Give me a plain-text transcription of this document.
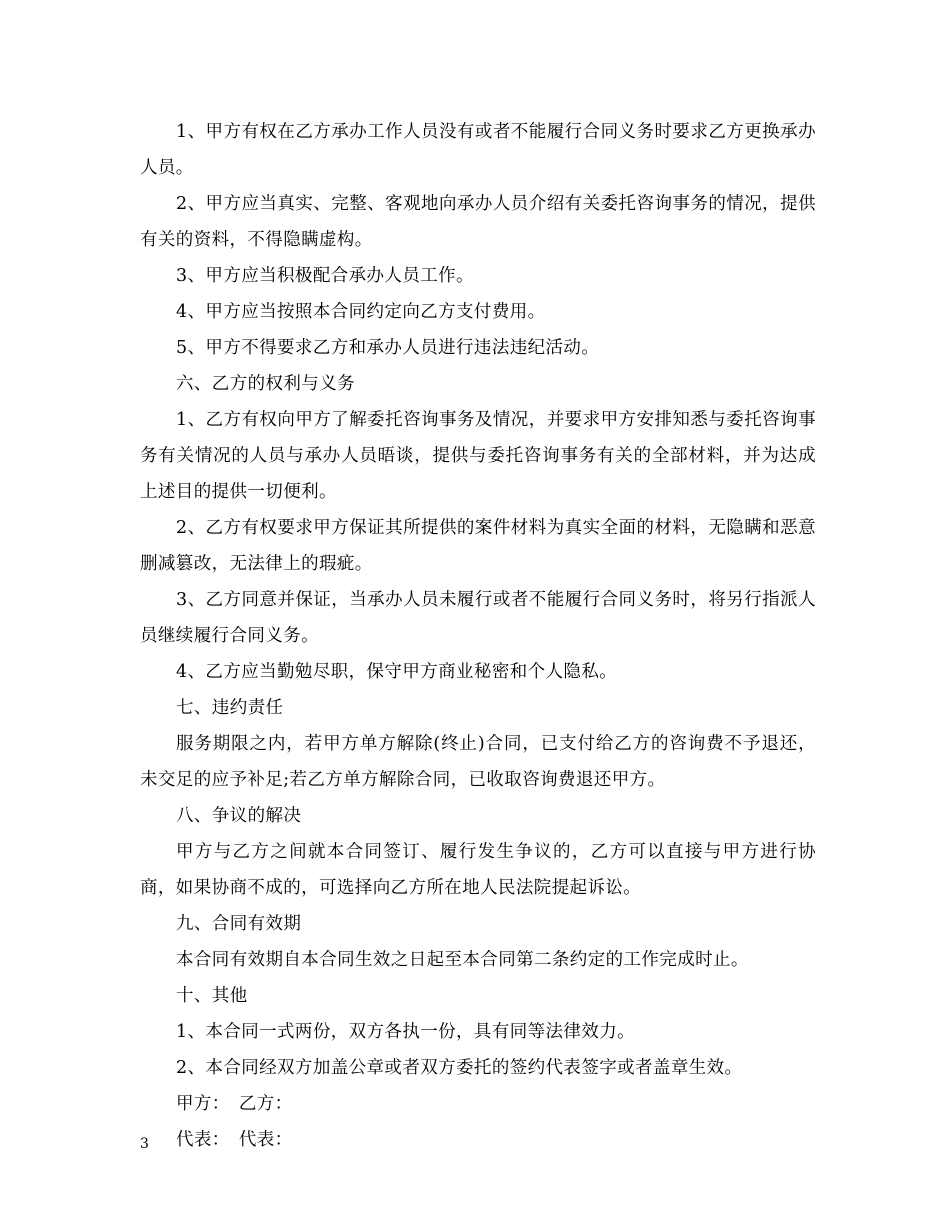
1、甲方有权在乙方承办工作人员没有或者不能履行合同义务时要求乙方更换承办人员。

2、甲方应当真实、完整、客观地向承办人员介绍有关委托咨询事务的情况，提供有关的资料，不得隐瞒虚构。

3、甲方应当积极配合承办人员工作。

4、甲方应当按照本合同约定向乙方支付费用。

5、甲方不得要求乙方和承办人员进行违法违纪活动。

六、乙方的权利与义务

1、乙方有权向甲方了解委托咨询事务及情况，并要求甲方安排知悉与委托咨询事务有关情况的人员与承办人员晤谈，提供与委托咨询事务有关的全部材料，并为达成上述目的提供一切便利。

2、乙方有权要求甲方保证其所提供的案件材料为真实全面的材料，无隐瞒和恶意删减篡改，无法律上的瑕疵。

3、乙方同意并保证，当承办人员未履行或者不能履行合同义务时，将另行指派人员继续履行合同义务。

4、乙方应当勤勉尽职，保守甲方商业秘密和个人隐私。

七、违约责任

服务期限之内，若甲方单方解除(终止)合同，已支付给乙方的咨询费不予退还，未交足的应予补足;若乙方单方解除合同，已收取咨询费退还甲方。

八、争议的解决

甲方与乙方之间就本合同签订、履行发生争议的，乙方可以直接与甲方进行协商，如果协商不成的，可选择向乙方所在地人民法院提起诉讼。

九、合同有效期

本合同有效期自本合同生效之日起至本合同第二条约定的工作完成时止。

十、其他

1、本合同一式两份，双方各执一份，具有同等法律效力。

2、本合同经双方加盖公章或者双方委托的签约代表签字或者盖章生效。

甲方：　乙方：

代表：　代表：

3
